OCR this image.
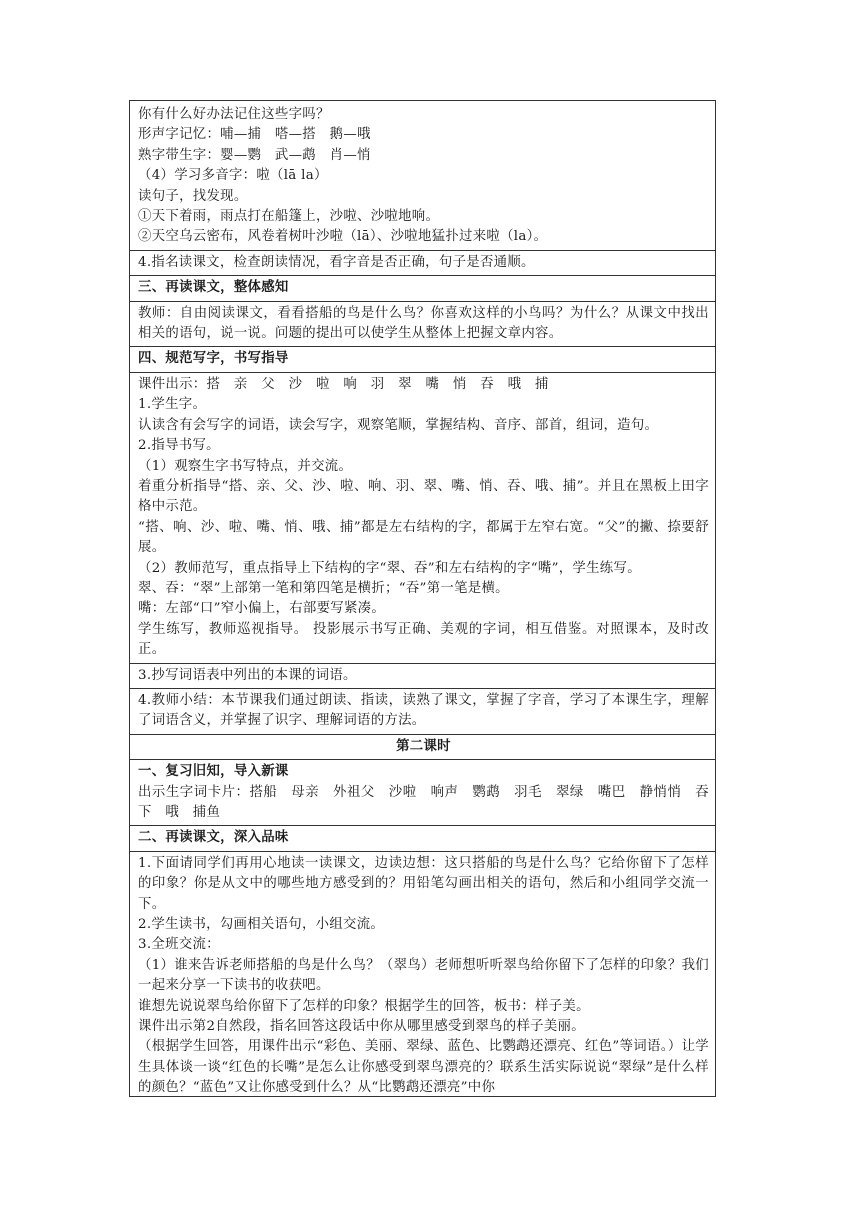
你有什么好办法记住这些字吗？
形声字记忆：哺—捕　嗒—搭　鹅—哦
熟字带生字：婴—鹦　武—鹉　肖—悄
（4）学习多音字：啦（lā la）
读句子，找发现。
①天下着雨，雨点打在船篷上，沙啦、沙啦地响。
②天空乌云密布，风卷着树叶沙啦（lā）、沙啦地猛扑过来啦（la）。
4.指名读课文，检查朗读情况，看字音是否正确，句子是否通顺。
三、再读课文，整体感知
教师：自由阅读课文，看看搭船的鸟是什么鸟？你喜欢这样的小鸟吗？为什么？从课文中找出相关的语句，说一说。问题的提出可以使学生从整体上把握文章内容。
四、规范写字，书写指导
课件出示：搭　亲　父　沙　啦　响　羽　翠　嘴　悄　吞　哦　捕
1.学生字。
认读含有会写字的词语，读会写字，观察笔顺，掌握结构、音序、部首，组词，造句。
2.指导书写。
（1）观察生字书写特点，并交流。
着重分析指导“搭、亲、父、沙、啦、响、羽、翠、嘴、悄、吞、哦、捕”。并且在黑板上田字格中示范。
“搭、响、沙、啦、嘴、悄、哦、捕”都是左右结构的字，都属于左窄右宽。“父”的撇、捺要舒展。
（2）教师范写，重点指导上下结构的字“翠、吞”和左右结构的字“嘴”，学生练写。
翠、吞：“翠”上部第一笔和第四笔是横折；“吞”第一笔是横。
嘴：左部“口”窄小偏上，右部要写紧凑。
学生练写，教师巡视指导。 投影展示书写正确、美观的字词，相互借鉴。对照课本，及时改正。
3.抄写词语表中列出的本课的词语。
4.教师小结：本节课我们通过朗读、指读，读熟了课文，掌握了字音，学习了本课生字，理解了词语含义，并掌握了识字、理解词语的方法。
第二课时
一、复习旧知，导入新课
出示生字词卡片：搭船　母亲　外祖父　沙啦　响声　鹦鹉　羽毛　翠绿　嘴巴　静悄悄　吞下　哦　捕鱼
二、再读课文，深入品味
1.下面请同学们再用心地读一读课文，边读边想：这只搭船的鸟是什么鸟？它给你留下了怎样的印象？你是从文中的哪些地方感受到的？用铅笔勾画出相关的语句，然后和小组同学交流一下。
2.学生读书，勾画相关语句，小组交流。
3.全班交流：
（1）谁来告诉老师搭船的鸟是什么鸟？（翠鸟）老师想听听翠鸟给你留下了怎样的印象？我们一起来分享一下读书的收获吧。
谁想先说说翠鸟给你留下了怎样的印象？根据学生的回答，板书：样子美。
课件出示第2自然段，指名回答这段话中你从哪里感受到翠鸟的样子美丽。
（根据学生回答，用课件出示“彩色、美丽、翠绿、蓝色、比鹦鹉还漂亮、红色”等词语。）让学生具体谈一谈“红色的长嘴”是怎么让你感受到翠鸟漂亮的？联系生活实际说说“翠绿”是什么样的颜色？“蓝色”又让你感受到什么？从“比鹦鹉还漂亮”中你
